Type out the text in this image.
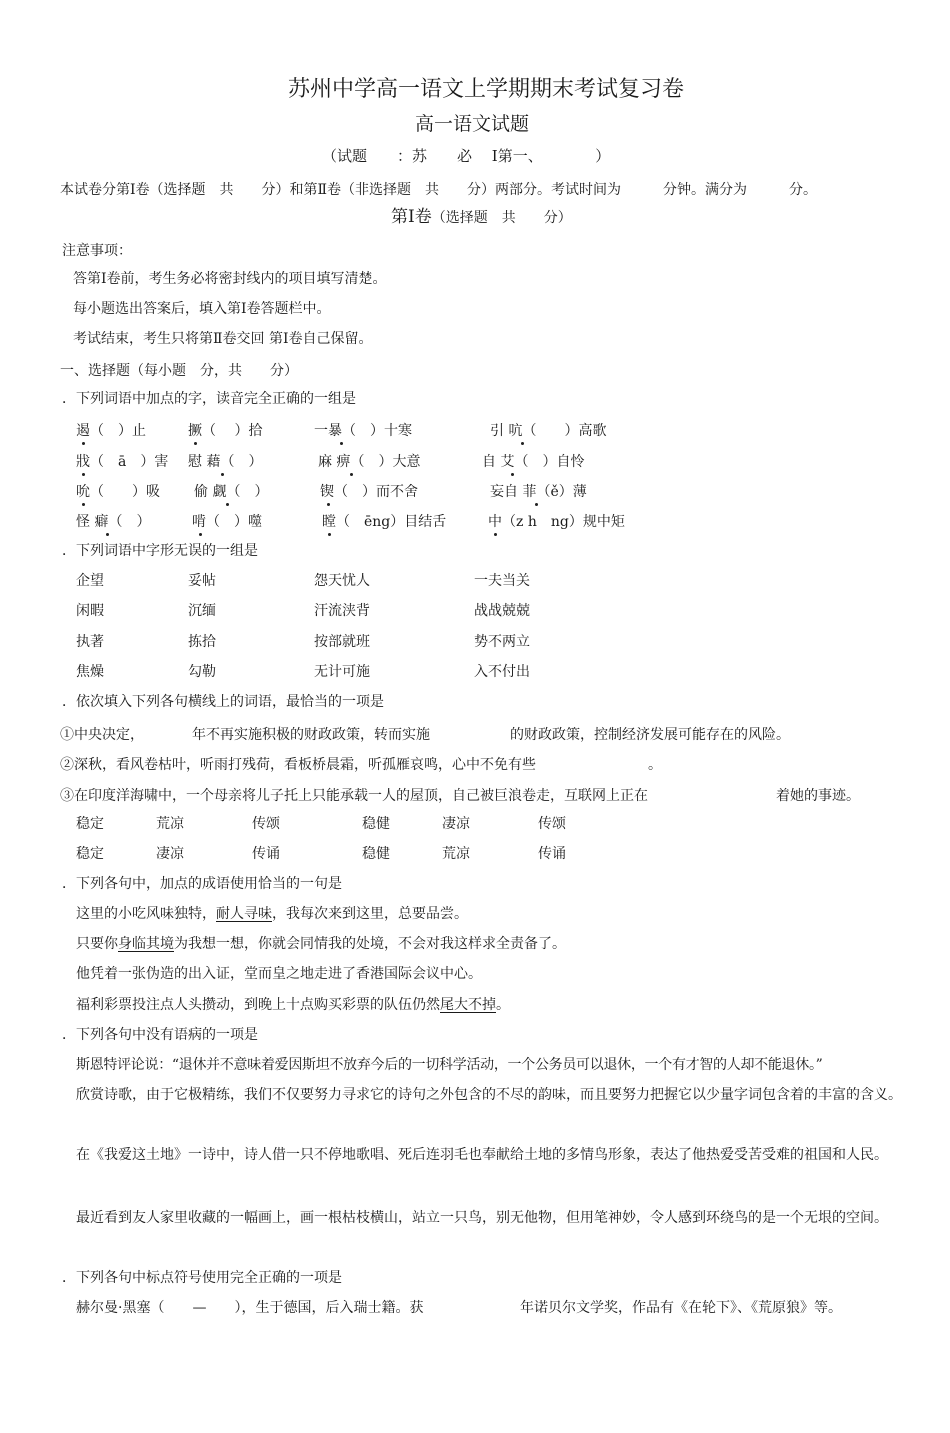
苏州中学高一语文上学期期末考试复习卷
高一语文试题
（试题　　：苏　　必　 Ⅰ第一、　　　　）
本试卷分第Ⅰ卷（选择题　共　　分）和第Ⅱ卷（非选择题　共　　分）两部分。考试时间为　　　分钟。满分为　　　分。
第Ⅰ卷（选择题　共　　分）
注意事项：
答第Ⅰ卷前，考生务必将密封线内的项目填写清楚。
每小题选出答案后，填入第Ⅰ卷答题栏中。
考试结束，考生只将第Ⅱ卷交回 第Ⅰ卷自己保留。
一、选择题（每小题　分，共　　分）
．下列词语中加点的字，读音完全正确的一组是
遏（　）止	撅（　 ）拾	一暴（　）十寒	引 吭（　　）高歌
戕（　ā　）害 慰 藉（　）	麻 痹（　）大意	自 艾（　）自怜
吮（　　）吸 偷 觑（　）	锲（　）而不舍	妄自 菲（ě）薄
怪 癖（　）	啃（　）噬	瞠（　ēng）目结舌	中（z h　ng）规中矩
．下列词语中字形无误的一组是
企望	妥帖	怨天忧人	一夫当关
闲暇	沉缅	汗流浃背	战战兢兢
执著	拣拾	按部就班	势不两立
焦燥	勾勒	无计可施	入不付出
．依次填入下列各句横线上的词语，最恰当的一项是
①中央决定，	年不再实施积极的财政政策，转而实施	的财政政策，控制经济发展可能存在的风险。
②深秋，看风卷枯叶，听雨打残荷，看板桥晨霜，听孤雁哀鸣，心中不免有些	。
③在印度洋海啸中，一个母亲将儿子托上只能承载一人的屋顶，自己被巨浪卷走，互联网上正在	着她的事迹。
稳定	荒凉	传颂	稳健	凄凉	传颂
稳定	凄凉	传诵	稳健	荒凉	传诵
．下列各句中，加点的成语使用恰当的一句是
这里的小吃风味独特，耐人寻味，我每次来到这里，总要品尝。
只要你身临其境为我想一想，你就会同情我的处境，不会对我这样求全责备了。
他凭着一张伪造的出入证，堂而皇之地走进了香港国际会议中心。
福利彩票投注点人头攒动，到晚上十点购买彩票的队伍仍然尾大不掉。
．下列各句中没有语病的一项是
斯恩特评论说：“退休并不意味着爱因斯坦不放弃今后的一切科学活动，一个公务员可以退休，一个有才智的人却不能退休。”
欣赏诗歌，由于它极精练，我们不仅要努力寻求它的诗句之外包含的不尽的韵味，而且要努力把握它以少量字词包含着的丰富的含义。
在《我爱这土地》一诗中，诗人借一只不停地歌唱、死后连羽毛也奉献给土地的多情鸟形象，表达了他热爱受苦受难的祖国和人民。
最近看到友人家里收藏的一幅画上，画一根枯枝横山，站立一只鸟，别无他物，但用笔神妙，令人感到环绕鸟的是一个无垠的空间。
．下列各句中标点符号使用完全正确的一项是
赫尔曼·黑塞（　　—　　），生于德国，后入瑞士籍。获	年诺贝尔文学奖，作品有《在轮下》、《荒原狼》等。
